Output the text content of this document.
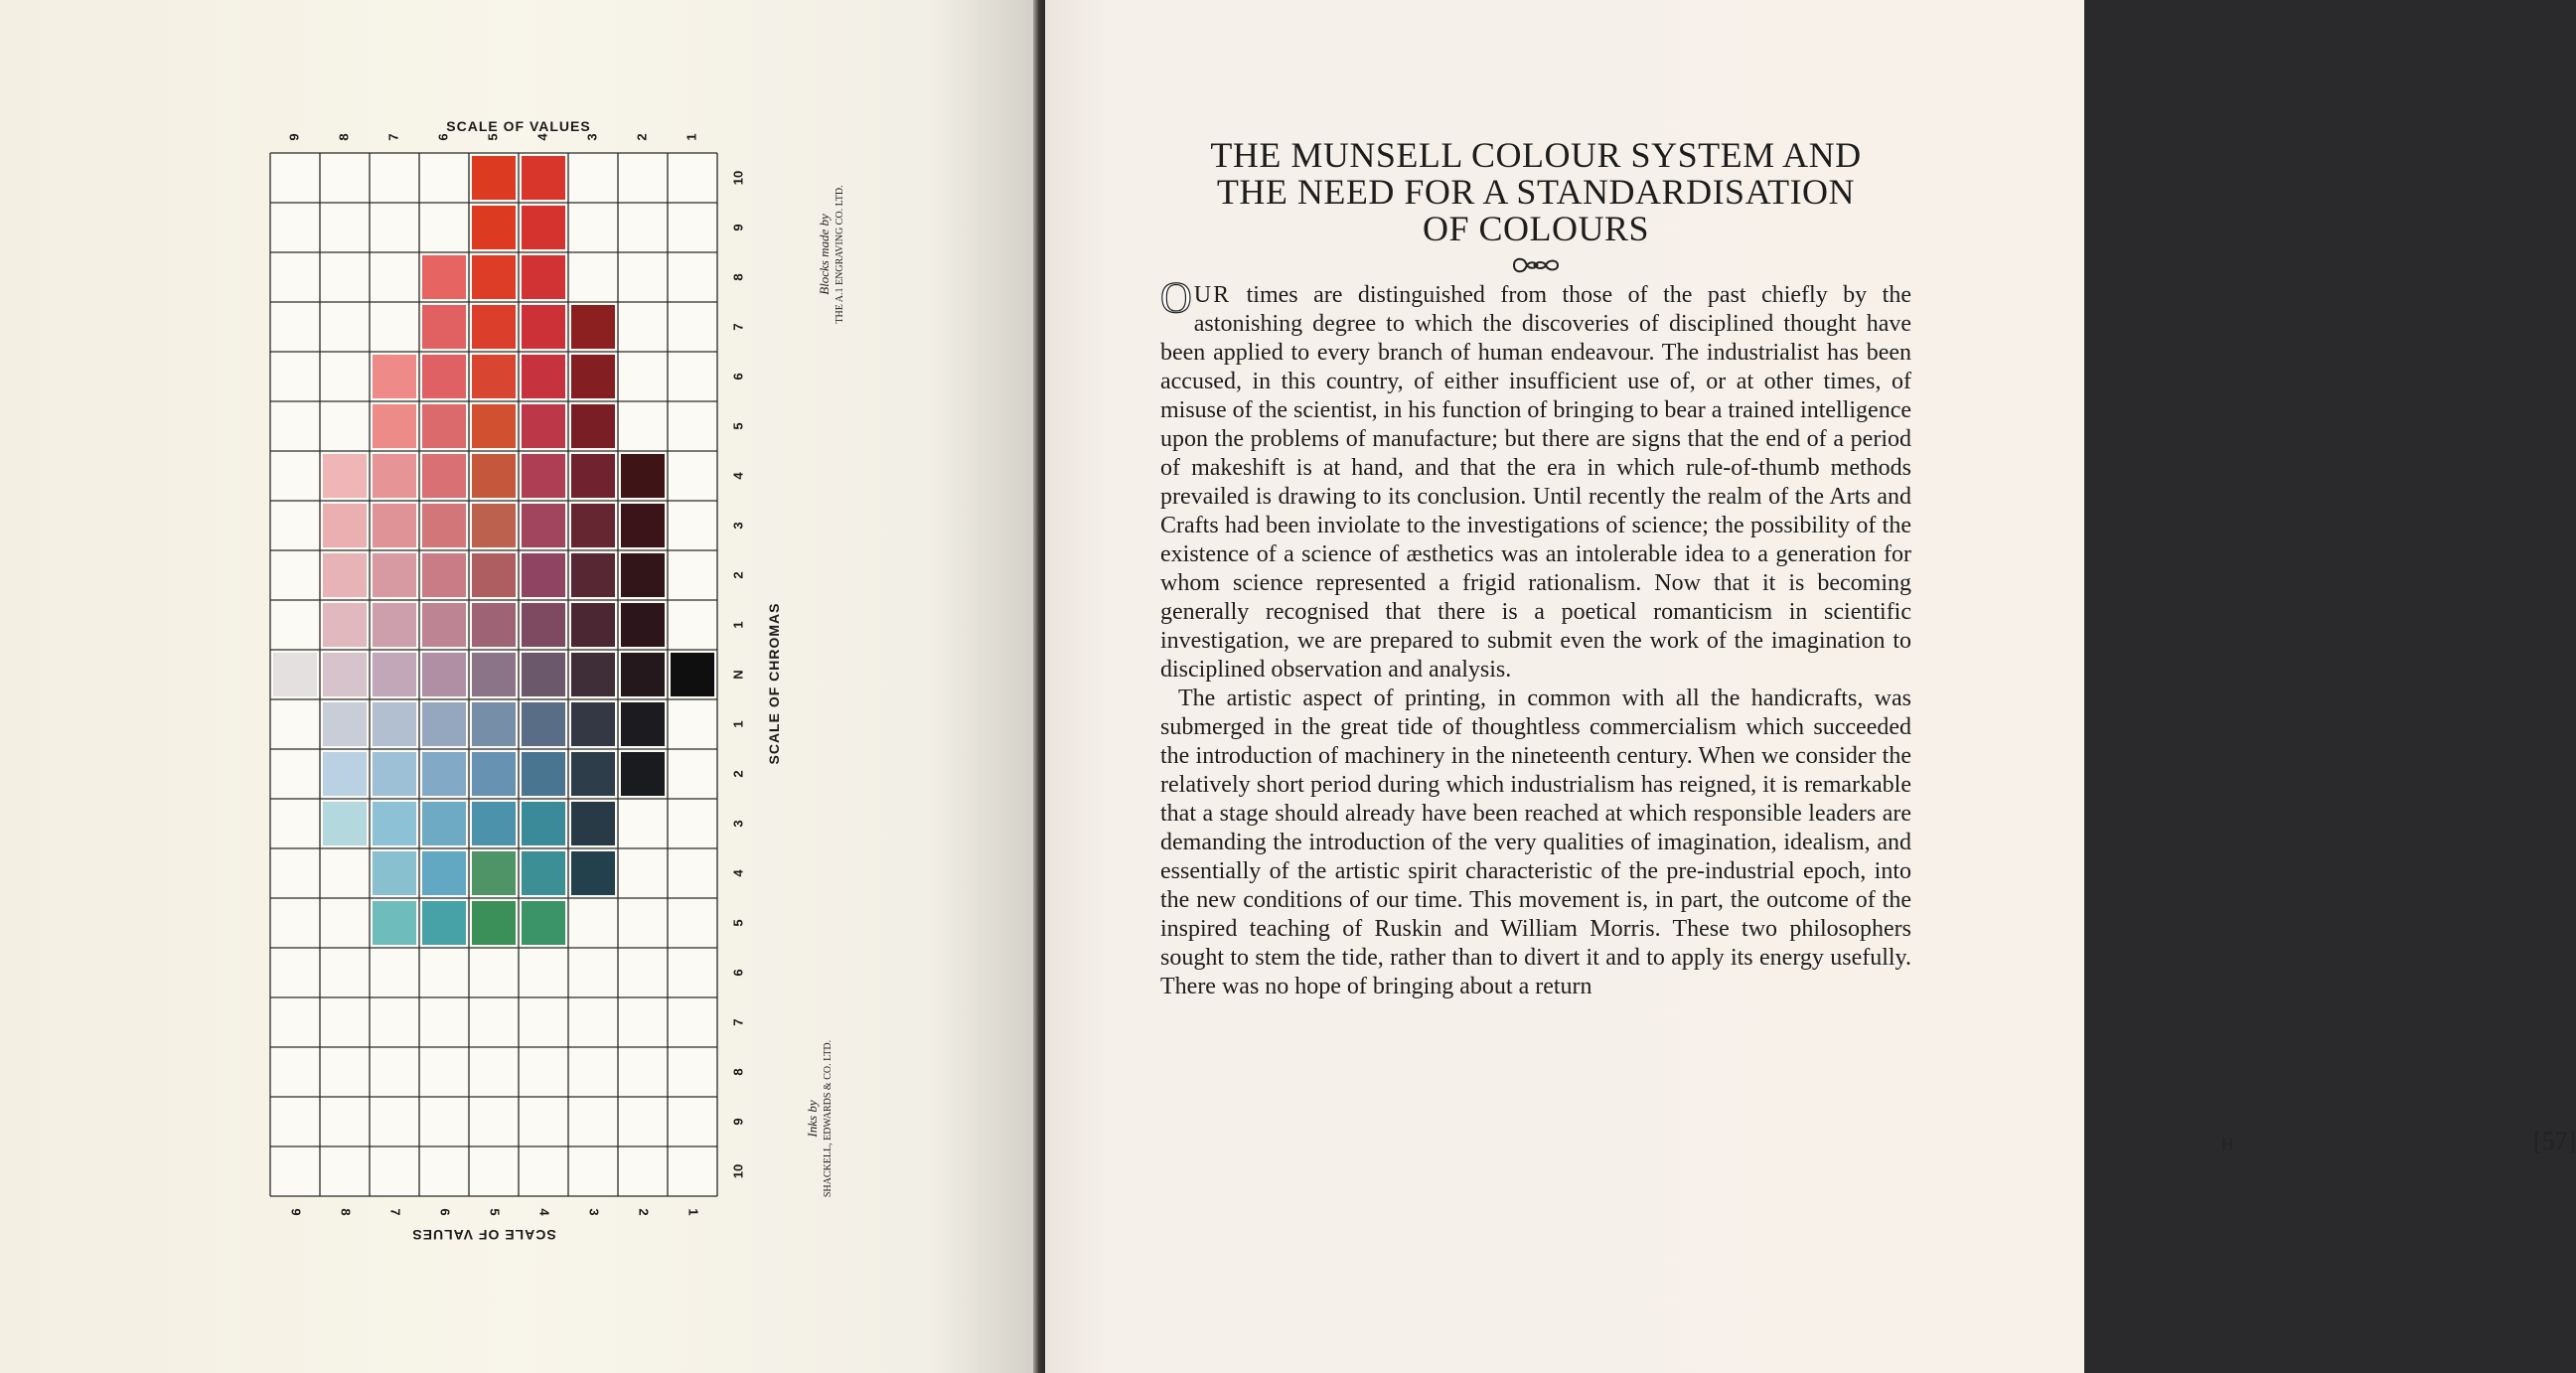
9
9
8
8
7
7
6
6
5
5
4
4
3
3
2
2
1
1
10
9
8
7
6
5
4
3
2
1
N
1
2
3
4
5
6
7
8
9
10
SCALE OF VALUES
SCALE OF VALUES
SCALE OF CHROMAS
Blocks made by THE A.1 ENGRAVING CO. LTD.
Inks by SHACKELL, EDWARDS & CO. LTD.
THE MUNSELL COLOUR SYSTEM AND
THE NEED FOR A STANDARDISATION
OF COLOURS

OUR times are distinguished from those of the past chiefly by the astonishing degree to which the discoveries of disciplined thought have been applied to every branch of human endeavour. The industrialist has been accused, in this country, of either insufficient use of, or at other times, of misuse of the scientist, in his function of bringing to bear a trained intelligence upon the problems of manufacture; but there are signs that the end of a period of makeshift is at hand, and that the era in which rule-of-thumb methods prevailed is drawing to its conclusion. Until recently the realm of the Arts and Crafts had been inviolate to the investigations of science; the possibility of the existence of a science of æsthetics was an intolerable idea to a generation for whom science represented a frigid rationalism. Now that it is becoming generally recognised that there is a poetical romanticism in scientific investigation, we are prepared to submit even the work of the imagination to disciplined observation and analysis.

The artistic aspect of printing, in common with all the handicrafts, was submerged in the great tide of thoughtless commercialism which succeeded the introduction of machinery in the nineteenth century. When we consider the relatively short period during which industrialism has reigned, it is remarkable that a stage should already have been reached at which responsible leaders are demanding the introduction of the very qualities of imagination, idealism, and essentially of the artistic spirit characteristic of the pre-industrial epoch, into the new conditions of our time. This movement is, in part, the outcome of the inspired teaching of Ruskin and William Morris. These two philosophers sought to stem the tide, rather than to divert it and to apply its energy usefully. There was no hope of bringing about a return

H	[57]
